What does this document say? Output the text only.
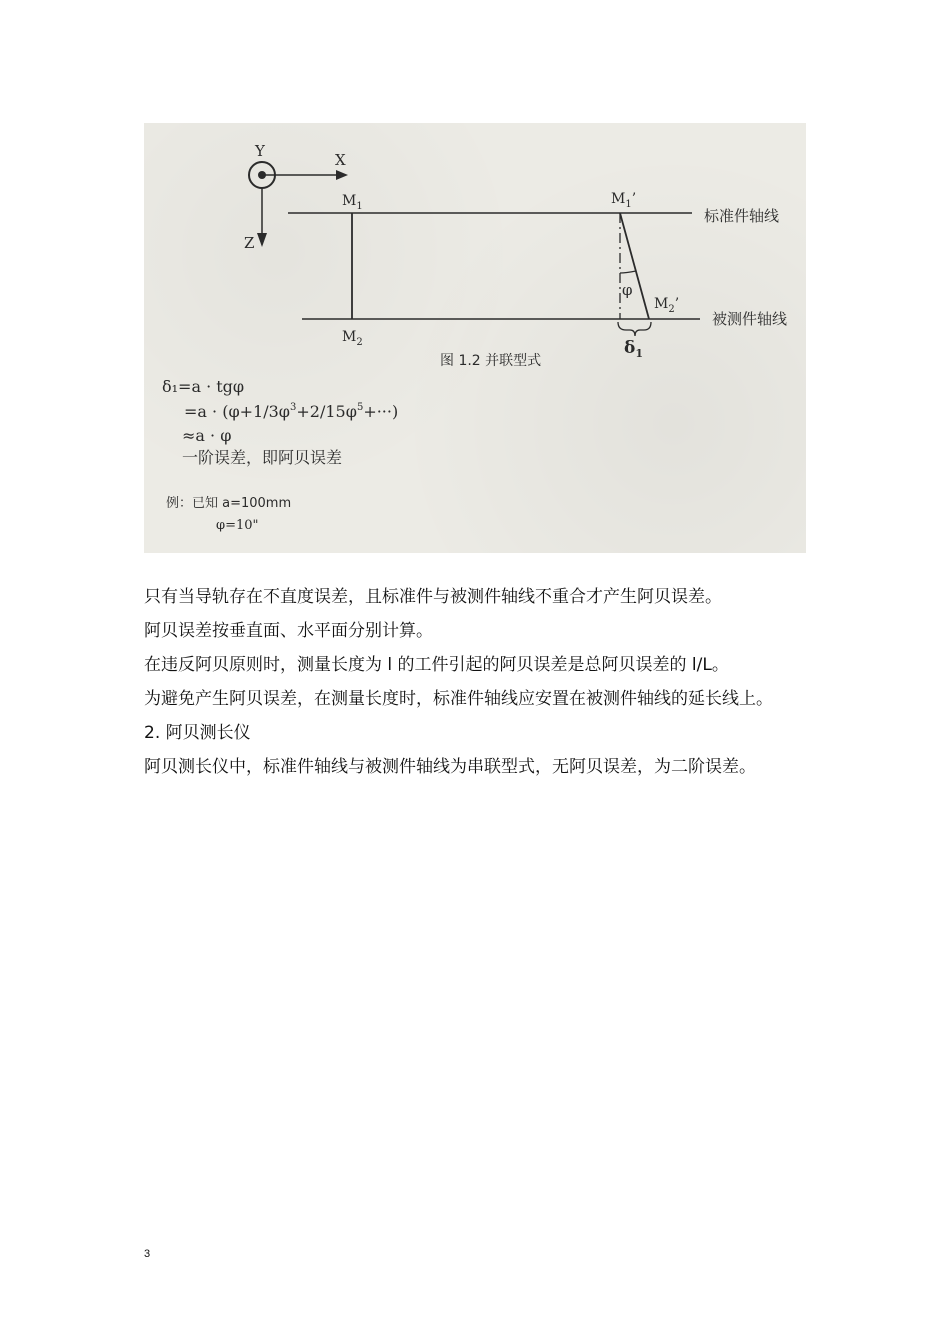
Y	X
Z
标准件轴线
被测件轴线
$M_1$
$M_2$
$M_1$’
$M_2$’
φ
$\delta_1$
图 1.2 并联型式
δ₁=a · tgφ
$=a \cdot (\varphi+1/3\varphi^3+2/15\varphi^5+\cdot\cdot\cdot)$
≈a · φ
一阶误差，即阿贝误差
例：已知 a=100mm
φ=10"

只有当导轨存在不直度误差，且标准件与被测件轴线不重合才产生阿贝误差。

阿贝误差按垂直面、水平面分别计算。

在违反阿贝原则时，测量长度为 l 的工件引起的阿贝误差是总阿贝误差的 l/L。

为避免产生阿贝误差，在测量长度时，标准件轴线应安置在被测件轴线的延长线上。

2. 阿贝测长仪

阿贝测长仪中，标准件轴线与被测件轴线为串联型式，无阿贝误差，为二阶误差。

3
